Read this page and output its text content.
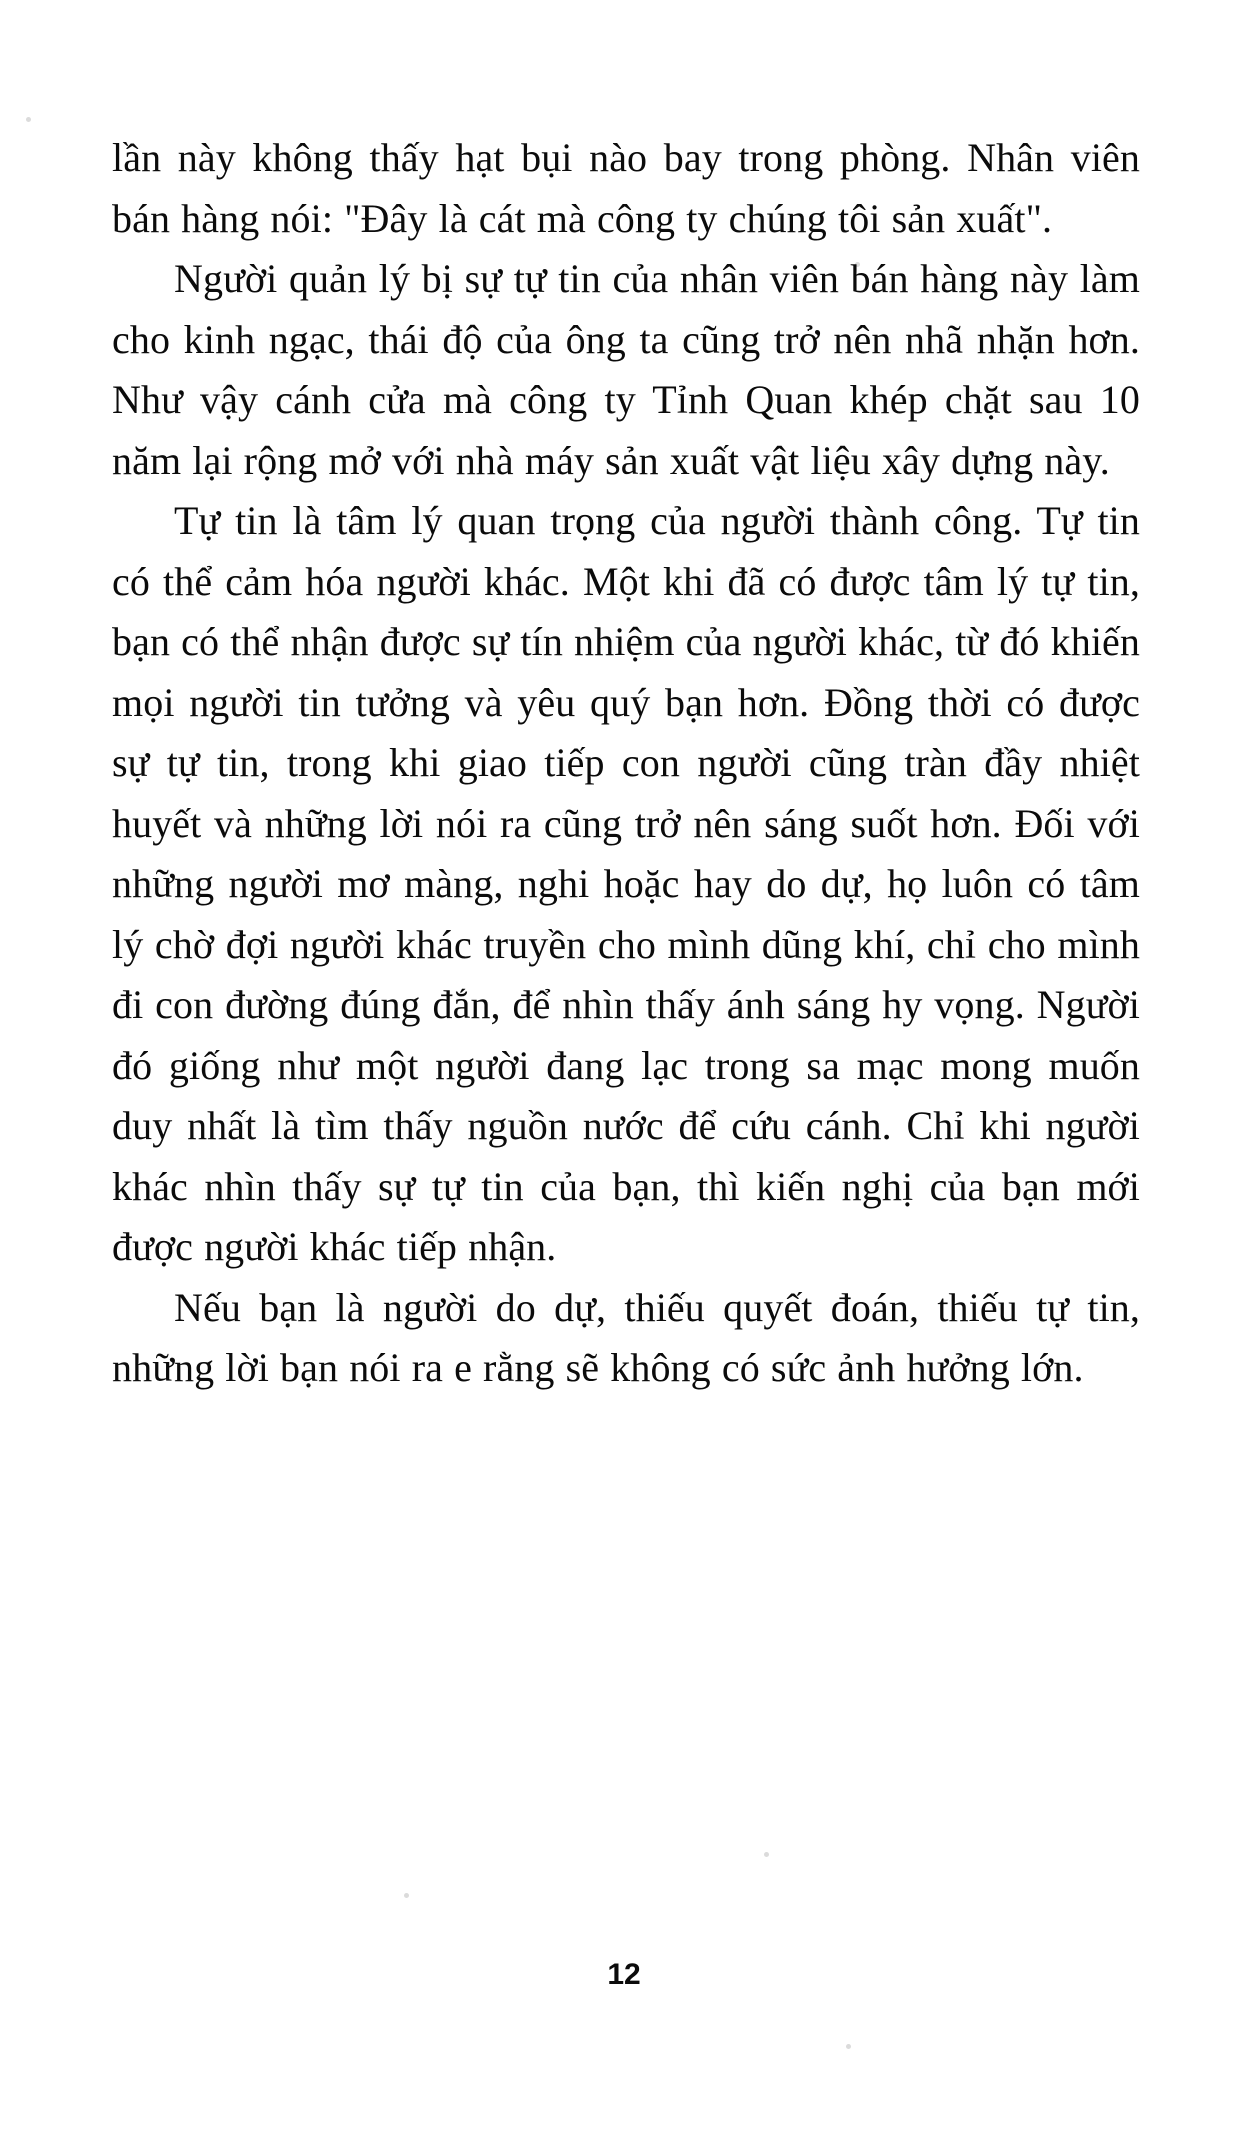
lần này không thấy hạt bụi nào bay trong phòng. Nhân viên bán hàng nói: "Đây là cát mà công ty chúng tôi sản xuất".

Người quản lý bị sự tự tin của nhân viên bán hàng này làm cho kinh ngạc, thái độ của ông ta cũng trở nên nhã nhặn hơn. Như vậy cánh cửa mà công ty Tỉnh Quan khép chặt sau 10 năm lại rộng mở với nhà máy sản xuất vật liệu xây dựng này.

Tự tin là tâm lý quan trọng của người thành công. Tự tin có thể cảm hóa người khác. Một khi đã có được tâm lý tự tin, bạn có thể nhận được sự tín nhiệm của người khác, từ đó khiến mọi người tin tưởng và yêu quý bạn hơn. Đồng thời có được sự tự tin, trong khi giao tiếp con người cũng tràn đầy nhiệt huyết và những lời nói ra cũng trở nên sáng suốt hơn. Đối với những người mơ màng, nghi hoặc hay do dự, họ luôn có tâm lý chờ đợi người khác truyền cho mình dũng khí, chỉ cho mình đi con đường đúng đắn, để nhìn thấy ánh sáng hy vọng. Người đó giống như một người đang lạc trong sa mạc mong muốn duy nhất là tìm thấy nguồn nước để cứu cánh. Chỉ khi người khác nhìn thấy sự tự tin của bạn, thì kiến nghị của bạn mới được người khác tiếp nhận.

Nếu bạn là người do dự, thiếu quyết đoán, thiếu tự tin, những lời bạn nói ra e rằng sẽ không có sức ảnh hưởng lớn.

12
